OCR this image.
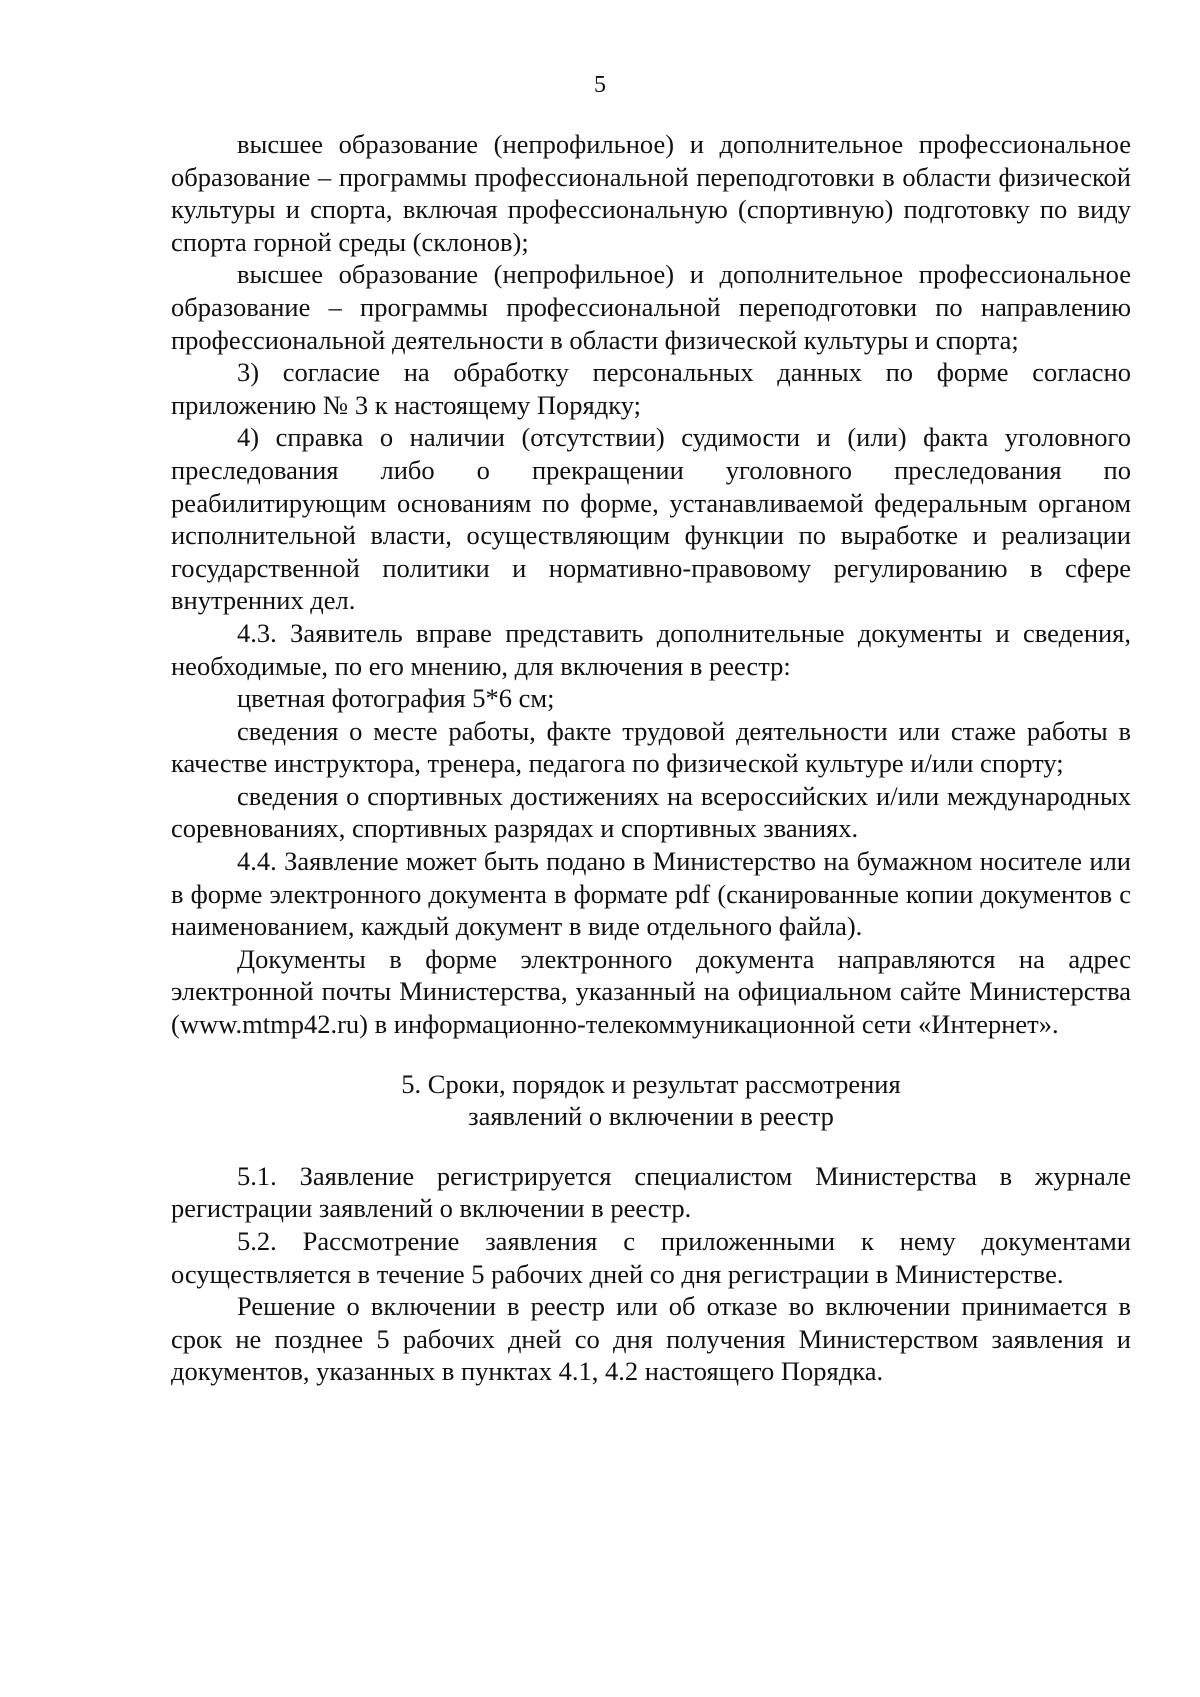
5

высшее образование (непрофильное) и дополнительное профессиональное образование – программы профессиональной переподготовки в области физической культуры и спорта, включая профессиональную (спортивную) подготовку по виду спорта горной среды (склонов);

высшее образование (непрофильное) и дополнительное профессиональное образование – программы профессиональной переподготовки по направлению профессиональной деятельности в области физической культуры и спорта;

3) согласие на обработку персональных данных по форме согласно приложению № 3 к настоящему Порядку;

4) справка о наличии (отсутствии) судимости и (или) факта уголовного преследования либо о прекращении уголовного преследования по реабилитирующим основаниям по форме, устанавливаемой федеральным органом исполнительной власти, осуществляющим функции по выработке и реализации государственной политики и нормативно-правовому регулированию в сфере внутренних дел.

4.3. Заявитель вправе представить дополнительные документы и сведения, необходимые, по его мнению, для включения в реестр:

цветная фотография 5*6 см;

сведения о месте работы, факте трудовой деятельности или стаже работы в качестве инструктора, тренера, педагога по физической культуре и/или спорту;

сведения о спортивных достижениях на всероссийских и/или международных соревнованиях, спортивных разрядах и спортивных званиях.

4.4. Заявление может быть подано в Министерство на бумажном носителе или в форме электронного документа в формате pdf (сканированные копии документов с наименованием, каждый документ в виде отдельного файла).

Документы в форме электронного документа направляются на адрес электронной почты Министерства, указанный на официальном сайте Министерства (www.mtmp42.ru) в информационно-телекоммуникационной сети «Интернет».

5. Сроки, порядок и результат рассмотрения
заявлений о включении в реестр

5.1. Заявление регистрируется специалистом Министерства в журнале регистрации заявлений о включении в реестр.

5.2. Рассмотрение заявления с приложенными к нему документами осуществляется в течение 5 рабочих дней со дня регистрации в Министерстве.

Решение о включении в реестр или об отказе во включении принимается в срок не позднее 5 рабочих дней со дня получения Министерством заявления и документов, указанных в пунктах 4.1, 4.2 настоящего Порядка.
